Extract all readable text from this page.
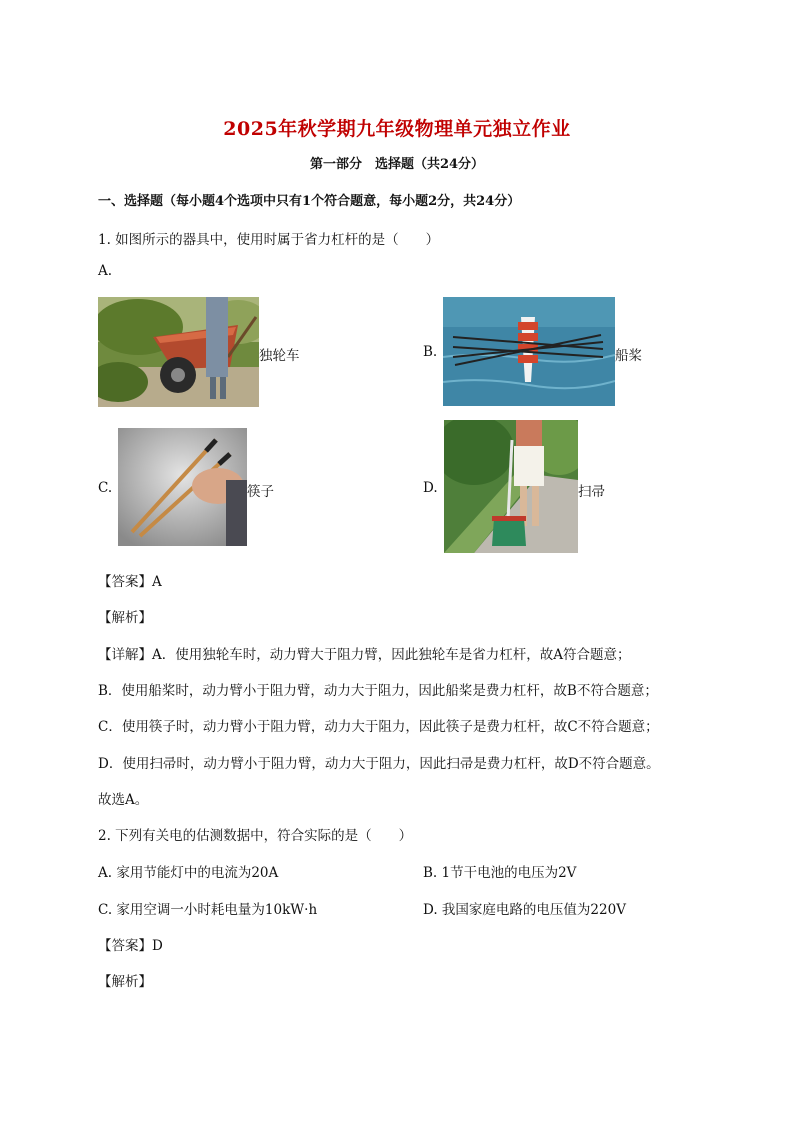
2025年秋学期九年级物理单元独立作业
第一部分　选择题（共24分）
一、选择题（每小题4个选项中只有1个符合题意，每小题2分，共24分）
1. 如图所示的器具中，使用时属于省力杠杆的是（　　）
A.
独轮车	B.	船桨
C.	筷子	D.	扫帚
【答案】A
【解析】
【详解】A．使用独轮车时，动力臂大于阻力臂，因此独轮车是省力杠杆，故A符合题意；
B．使用船桨时，动力臂小于阻力臂，动力大于阻力，因此船桨是费力杠杆，故B不符合题意；
C．使用筷子时，动力臂小于阻力臂，动力大于阻力，因此筷子是费力杠杆，故C不符合题意；
D．使用扫帚时，动力臂小于阻力臂，动力大于阻力，因此扫帚是费力杠杆，故D不符合题意。
故选A。
2. 下列有关电的估测数据中，符合实际的是（　　）
A. 家用节能灯中的电流为20A	B. 1节干电池的电压为2V
C. 家用空调一小时耗电量为10kW·h	D. 我国家庭电路的电压值为220V
【答案】D
【解析】
